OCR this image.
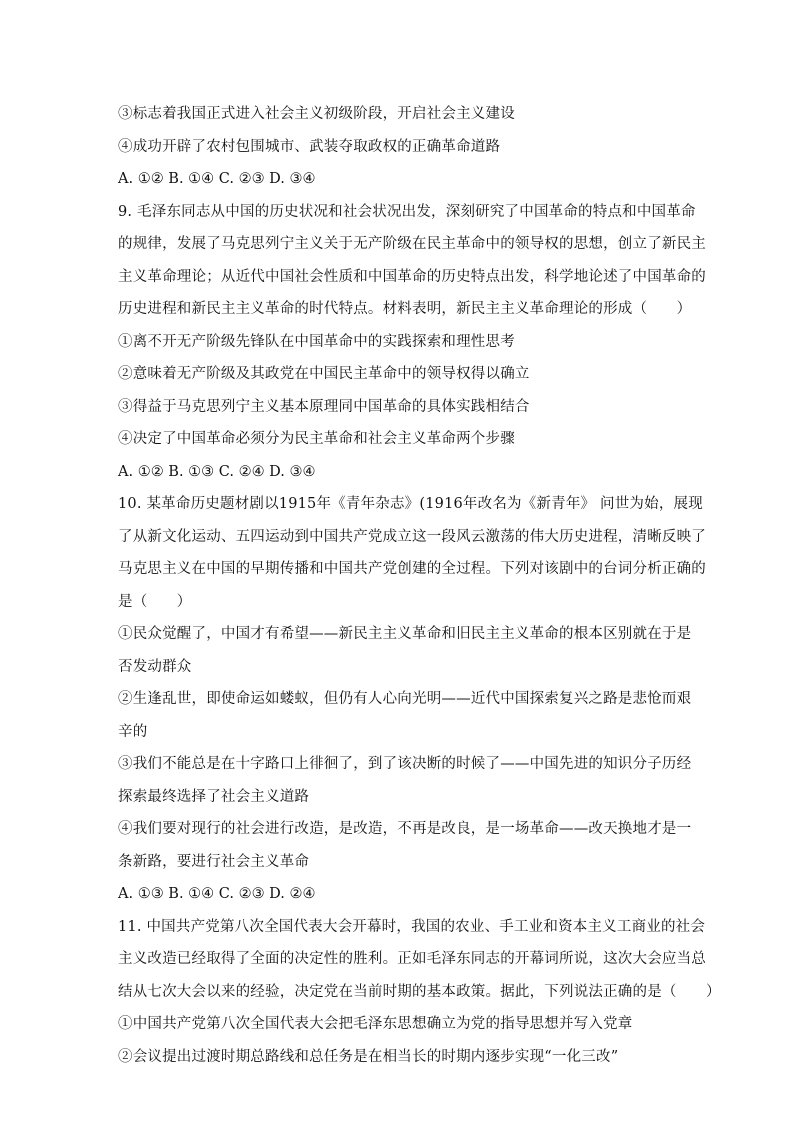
③标志着我国正式进入社会主义初级阶段，开启社会主义建设
④成功开辟了农村包围城市、武装夺取政权的正确革命道路
A. ①② B. ①④ C. ②③ D. ③④
9. 毛泽东同志从中国的历史状况和社会状况出发，深刻研究了中国革命的特点和中国革命
的规律，发展了马克思列宁主义关于无产阶级在民主革命中的领导权的思想，创立了新民主
主义革命理论；从近代中国社会性质和中国革命的历史特点出发，科学地论述了中国革命的
历史进程和新民主主义革命的时代特点。材料表明，新民主主义革命理论的形成（　　）
①离不开无产阶级先锋队在中国革命中的实践探索和理性思考
②意味着无产阶级及其政党在中国民主革命中的领导权得以确立
③得益于马克思列宁主义基本原理同中国革命的具体实践相结合
④决定了中国革命必须分为民主革命和社会主义革命两个步骤
A. ①② B. ①③ C. ②④ D. ③④
10. 某革命历史题材剧以1915年《青年杂志》(1916年改名为《新青年》 问世为始，展现
了从新文化运动、五四运动到中国共产党成立这一段风云激荡的伟大历史进程，清晰反映了
马克思主义在中国的早期传播和中国共产党创建的全过程。下列对该剧中的台词分析正确的
是（　　）
①民众觉醒了，中国才有希望——新民主主义革命和旧民主主义革命的根本区别就在于是
否发动群众
②生逢乱世，即使命运如蝼蚁，但仍有人心向光明——近代中国探索复兴之路是悲怆而艰
辛的
③我们不能总是在十字路口上徘徊了，到了该决断的时候了——中国先进的知识分子历经
探索最终选择了社会主义道路
④我们要对现行的社会进行改造，是改造，不再是改良，是一场革命——改天换地才是一
条新路，要进行社会主义革命
A. ①③ B. ①④ C. ②③ D. ②④
11. 中国共产党第八次全国代表大会开幕时，我国的农业、手工业和资本主义工商业的社会
主义改造已经取得了全面的决定性的胜利。正如毛泽东同志的开幕词所说，这次大会应当总
结从七次大会以来的经验，决定党在当前时期的基本政策。据此，下列说法正确的是（　　）
①中国共产党第八次全国代表大会把毛泽东思想确立为党的指导思想并写入党章
②会议提出过渡时期总路线和总任务是在相当长的时期内逐步实现“一化三改”
